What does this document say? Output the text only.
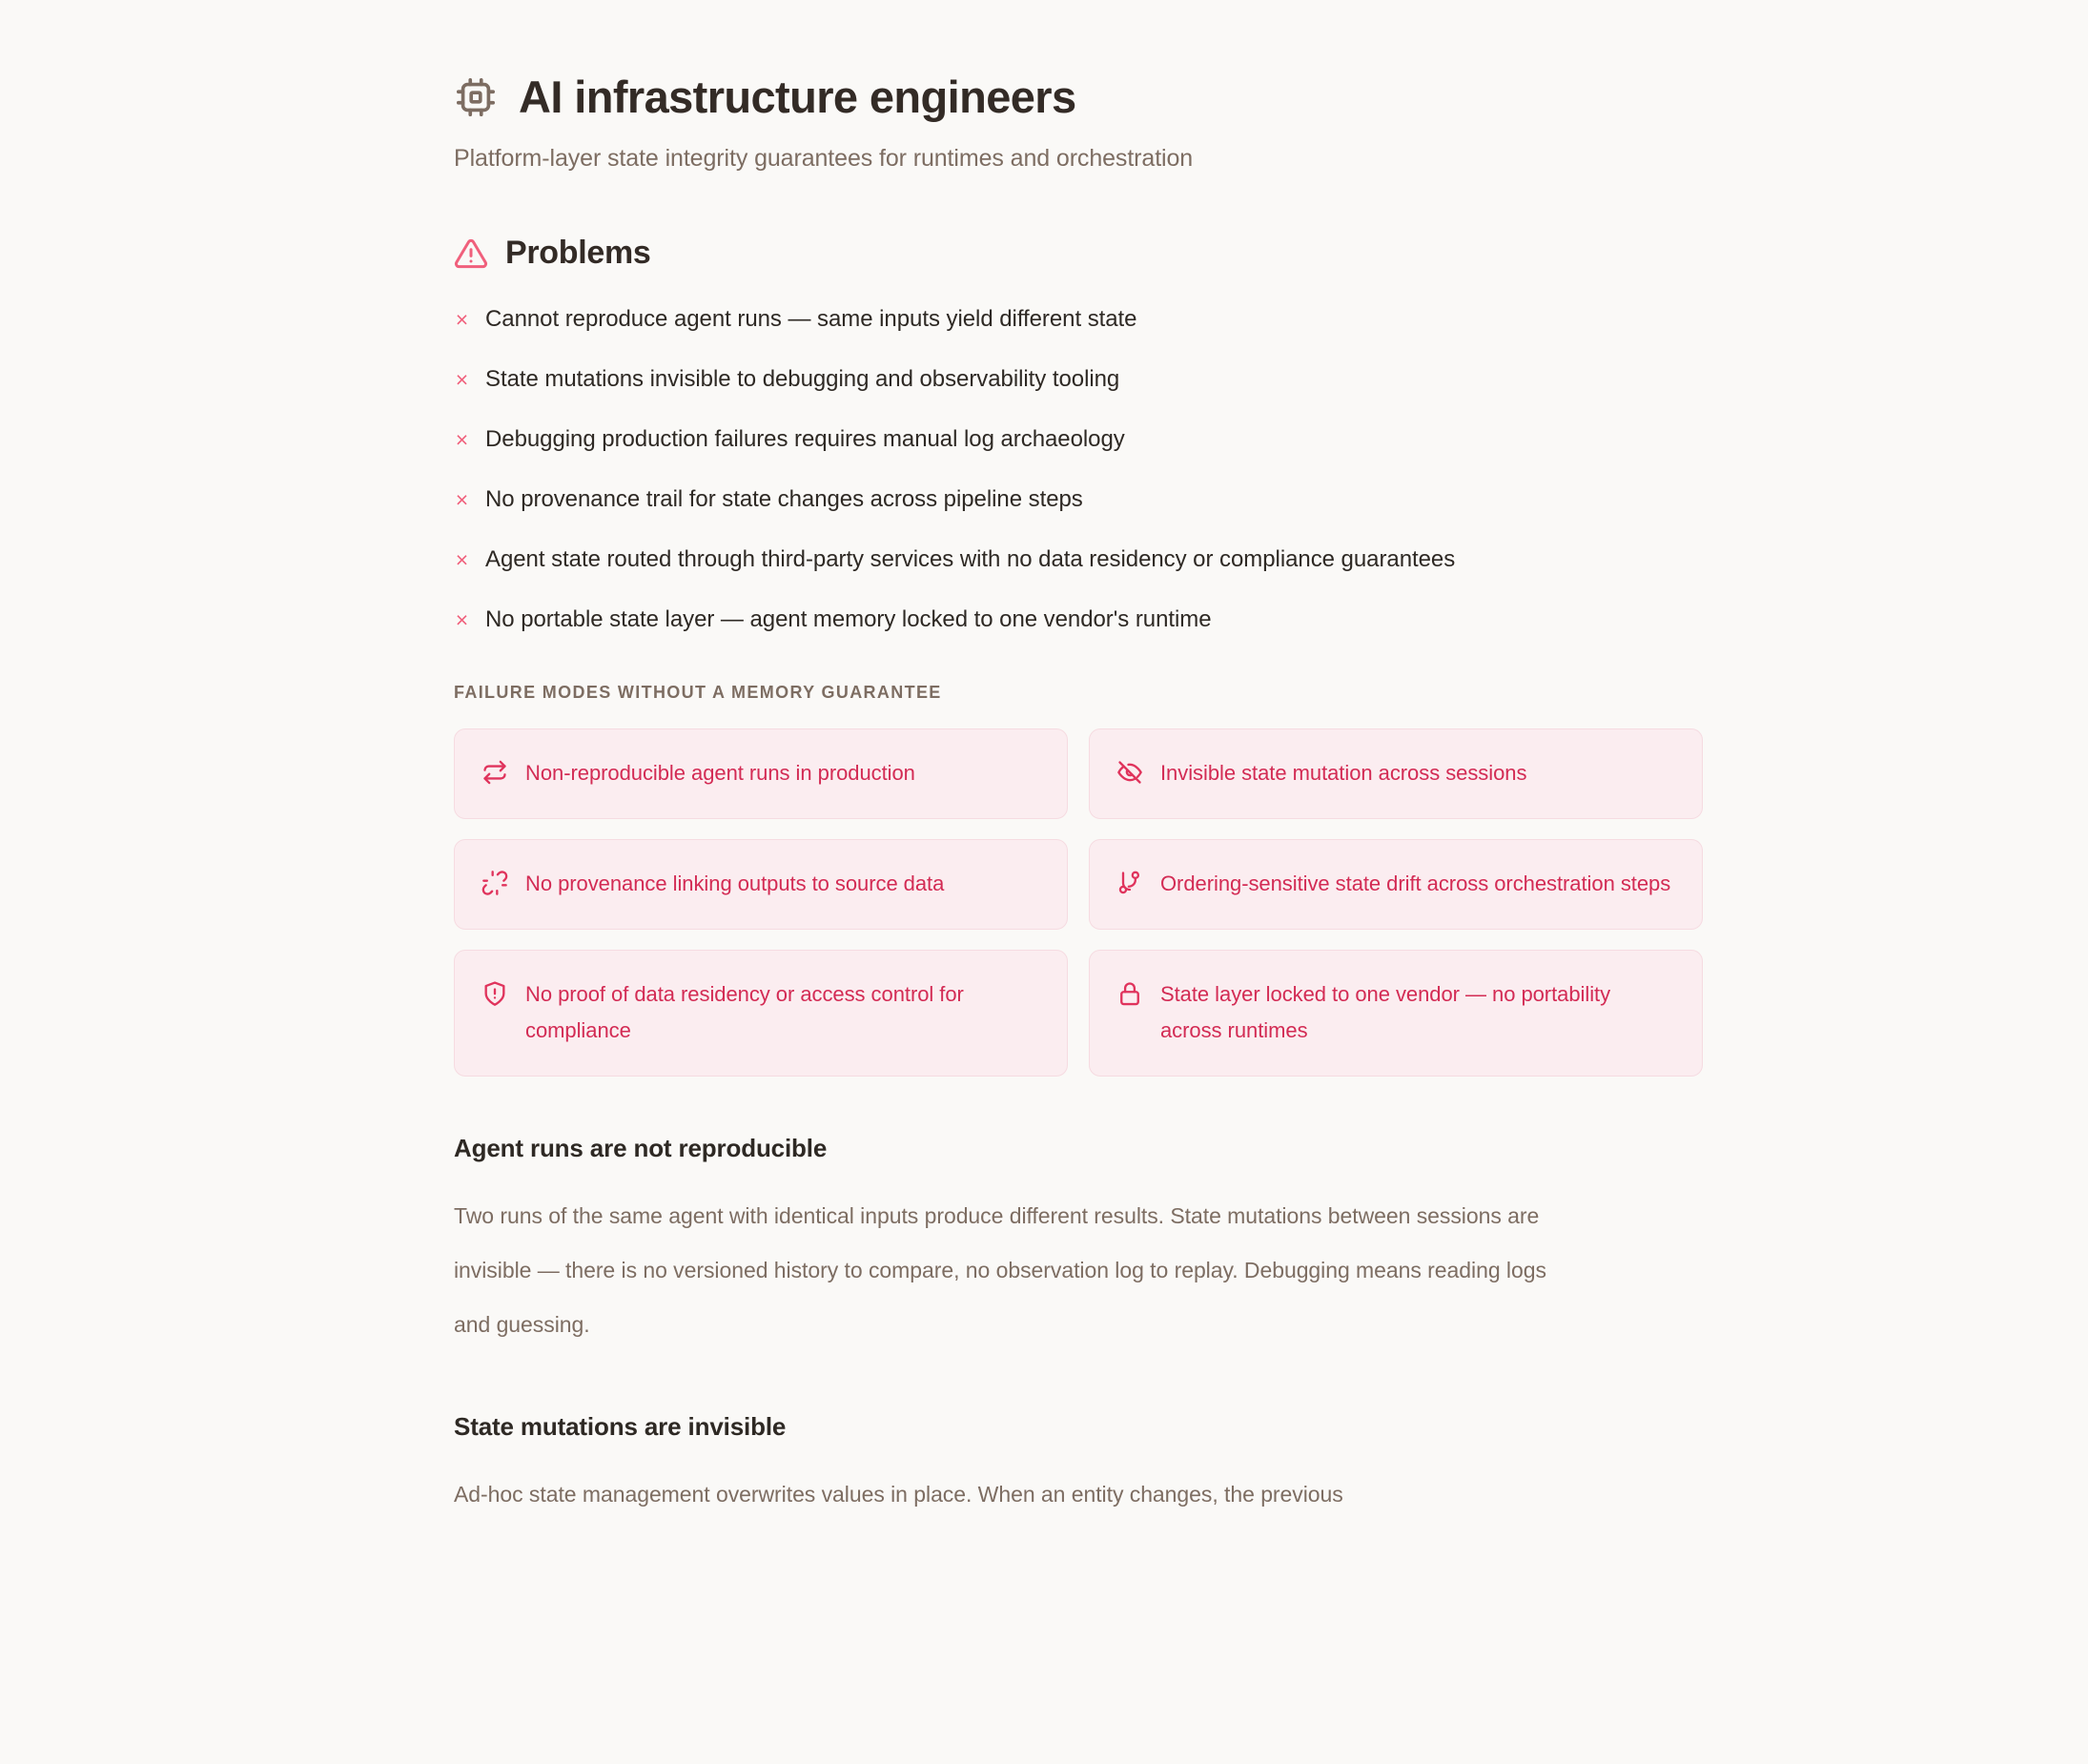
AI infrastructure engineers
Platform-layer state integrity guarantees for runtimes and orchestration
Problems
× Cannot reproduce agent runs — same inputs yield different state
× State mutations invisible to debugging and observability tooling
× Debugging production failures requires manual log archaeology
× No provenance trail for state changes across pipeline steps
× Agent state routed through third-party services with no data residency or compliance guarantees
× No portable state layer — agent memory locked to one vendor's runtime
FAILURE MODES WITHOUT A MEMORY GUARANTEE
Non-reproducible agent runs in production	Invisible state mutation across sessions
No provenance linking outputs to source data	Ordering-sensitive state drift across orchestration steps
No proof of data residency or access control for compliance
State layer locked to one vendor — no portability across runtimes
Agent runs are not reproducible

Two runs of the same agent with identical inputs produce different results. State mutations between sessions are invisible — there is no versioned history to compare, no observation log to replay. Debugging means reading logs and guessing.

State mutations are invisible

Ad-hoc state management overwrites values in place. When an entity changes, the previous
